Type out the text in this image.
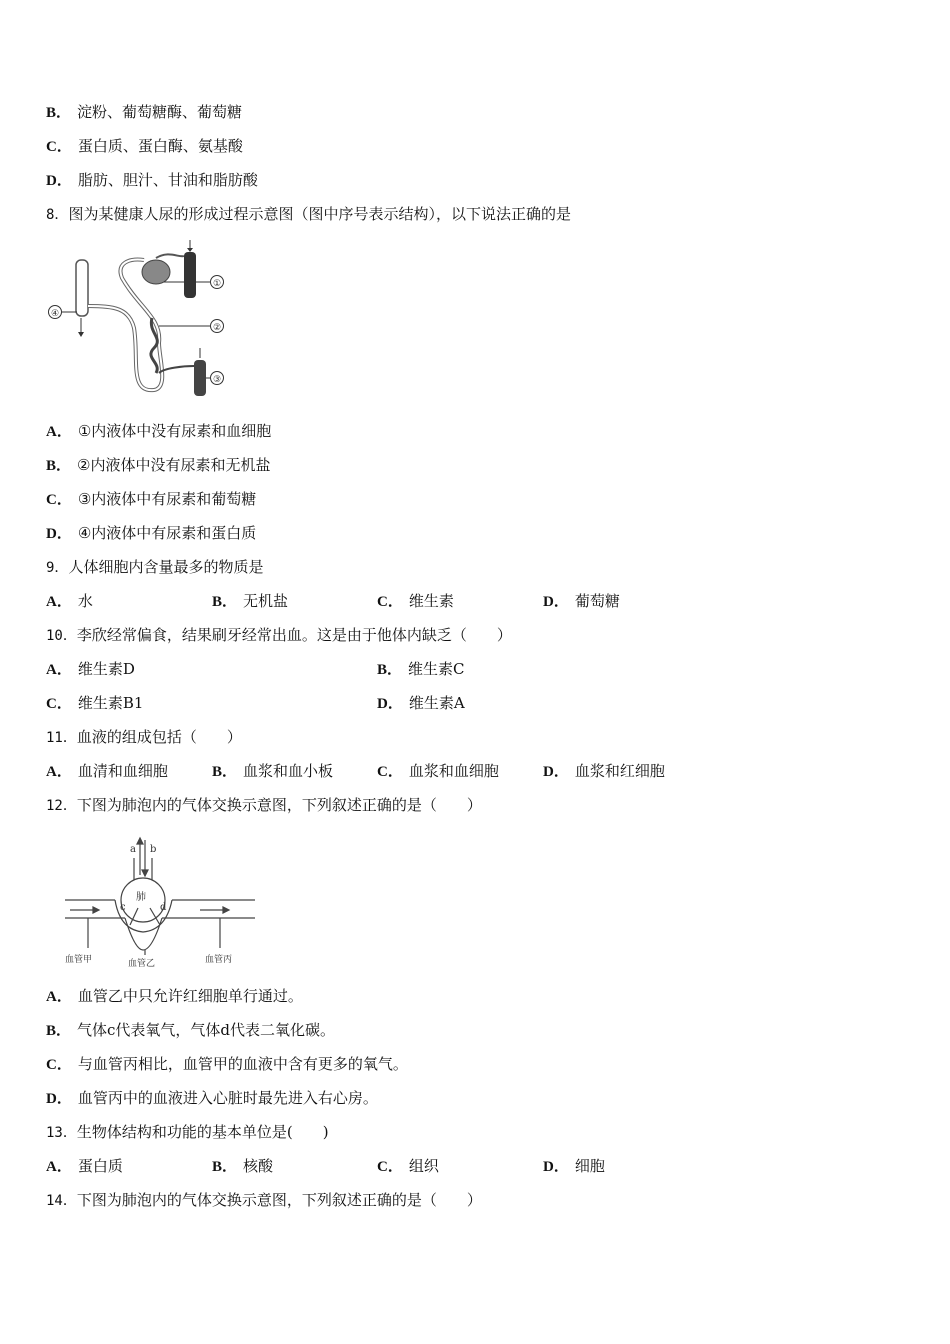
B． 淀粉、葡萄糖酶、葡萄糖
C． 蛋白质、蛋白酶、氨基酸
D． 脂肪、胆汁、甘油和脂肪酸
8．图为某健康人尿的形成过程示意图（图中序号表示结构），以下说法正确的是
④
①
②
③
A． ①内液体中没有尿素和血细胞
B． ②内液体中没有尿素和无机盐
C． ③内液体中有尿素和葡萄糖
D． ④内液体中有尿素和蛋白质
9．人体细胞内含量最多的物质是
A． 水	B． 无机盐	C． 维生素	D． 葡萄糖
10．李欣经常偏食，结果刷牙经常出血。这是由于他体内缺乏（　　）
A． 维生素D	B． 维生素C
C． 维生素B1	D． 维生素A
11．血液的组成包括（　　）
A． 血清和血细胞	B． 血浆和血小板	C． 血浆和血细胞	D． 血浆和红细胞
12．下图为肺泡内的气体交换示意图，下列叙述正确的是（　　）
a b
c	d
肺
血管甲	血管乙	血管丙
A． 血管乙中只允许红细胞单行通过。
B． 气体c代表氧气，气体d代表二氧化碳。
C． 与血管丙相比，血管甲的血液中含有更多的氧气。
D． 血管丙中的血液进入心脏时最先进入右心房。
13．生物体结构和功能的基本单位是(　　)
A． 蛋白质	B． 核酸	C． 组织	D． 细胞
14．下图为肺泡内的气体交换示意图，下列叙述正确的是（　　）
